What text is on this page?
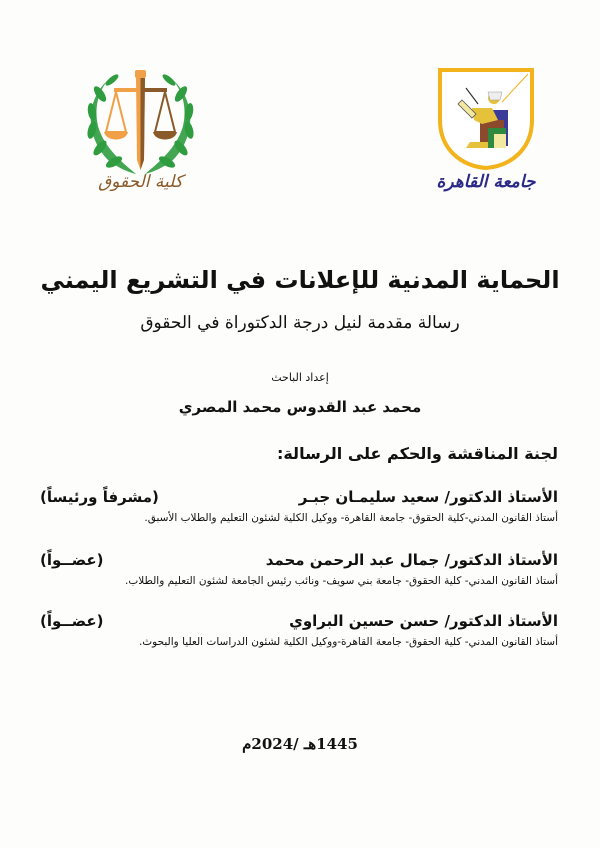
كلية الحقوق	جامعة القاهرة
الحماية المدنية للإعلانات في التشريع اليمني
رسالة مقدمة لنيل درجة الدكتوراة في الحقوق
إعداد الباحث
محمد عبد القدوس محمد المصري
لجنة المناقشة والحكم على الرسالة:
الأستاذ الدكتور/ سعيد سليمـان جبـر
(مشرفاً ورئيساً)
أستاذ القانون المدني-كلية الحقوق- جامعة القاهرة- ووكيل الكلية لشئون التعليم والطلاب الأسبق.
الأستاذ الدكتور/ جمال عبد الرحمن محمد
(عضــواً)
أستاذ القانون المدني- كلية الحقوق- جامعة بني سويف- ونائب رئيس الجامعة لشئون التعليم والطلاب.
الأستاذ الدكتور/ حسن حسين البراوي
(عضــواً)
أستاذ القانون المدني- كلية الحقوق- جامعة القاهرة-ووكيل الكلية لشئون الدراسات العليا والبحوث.
1445هـ /2024م
